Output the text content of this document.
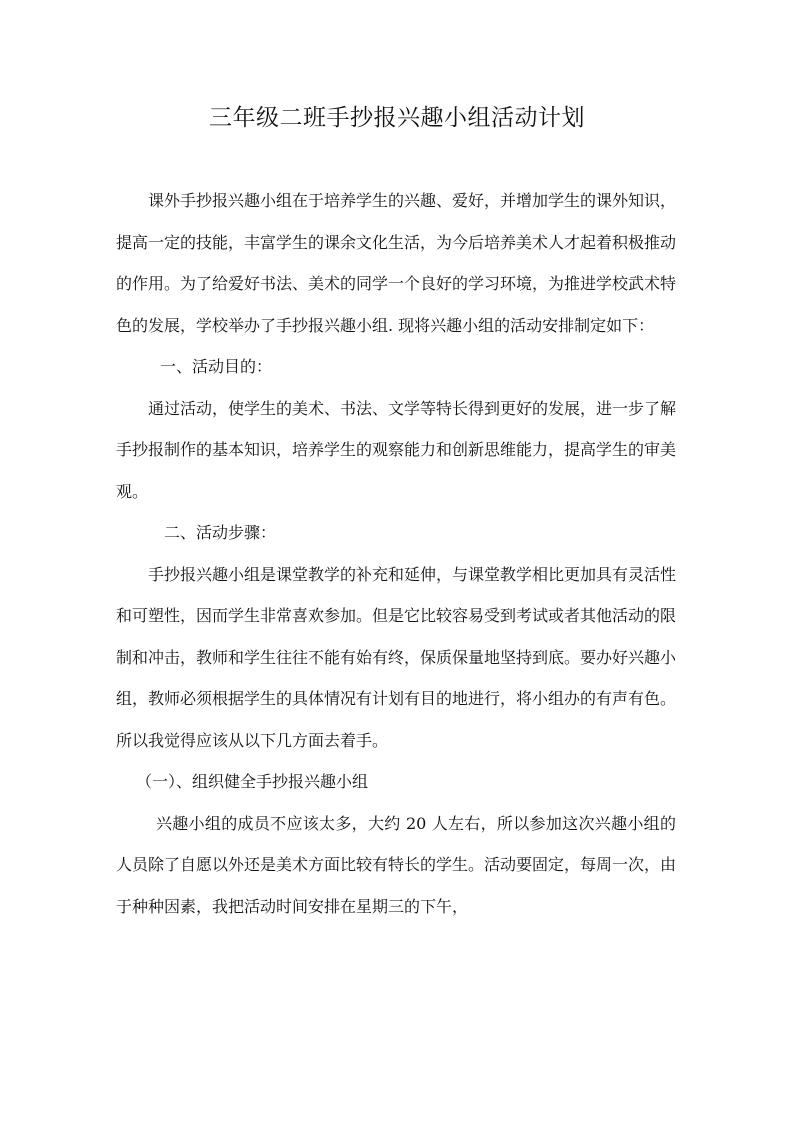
三年级二班手抄报兴趣小组活动计划

课外手抄报兴趣小组在于培养学生的兴趣、爱好，并增加学生的课外知识，提高一定的技能，丰富学生的课余文化生活，为今后培养美术人才起着积极推动的作用。为了给爱好书法、美术的同学一个良好的学习环境，为推进学校武术特色的发展，学校举办了手抄报兴趣小组. 现将兴趣小组的活动安排制定如下：

一、活动目的：

通过活动，使学生的美术、书法、文学等特长得到更好的发展，进一步了解手抄报制作的基本知识，培养学生的观察能力和创新思维能力，提高学生的审美观。

二、活动步骤：

手抄报兴趣小组是课堂教学的补充和延伸，与课堂教学相比更加具有灵活性和可塑性，因而学生非常喜欢参加。但是它比较容易受到考试或者其他活动的限制和冲击，教师和学生往往不能有始有终，保质保量地坚持到底。要办好兴趣小组，教师必须根据学生的具体情况有计划有目的地进行，将小组办的有声有色。所以我觉得应该从以下几方面去着手。

（一）、组织健全手抄报兴趣小组

兴趣小组的成员不应该太多，大约 20 人左右，所以参加这次兴趣小组的人员除了自愿以外还是美术方面比较有特长的学生。活动要固定，每周一次，由于种种因素，我把活动时间安排在星期三的下午，
